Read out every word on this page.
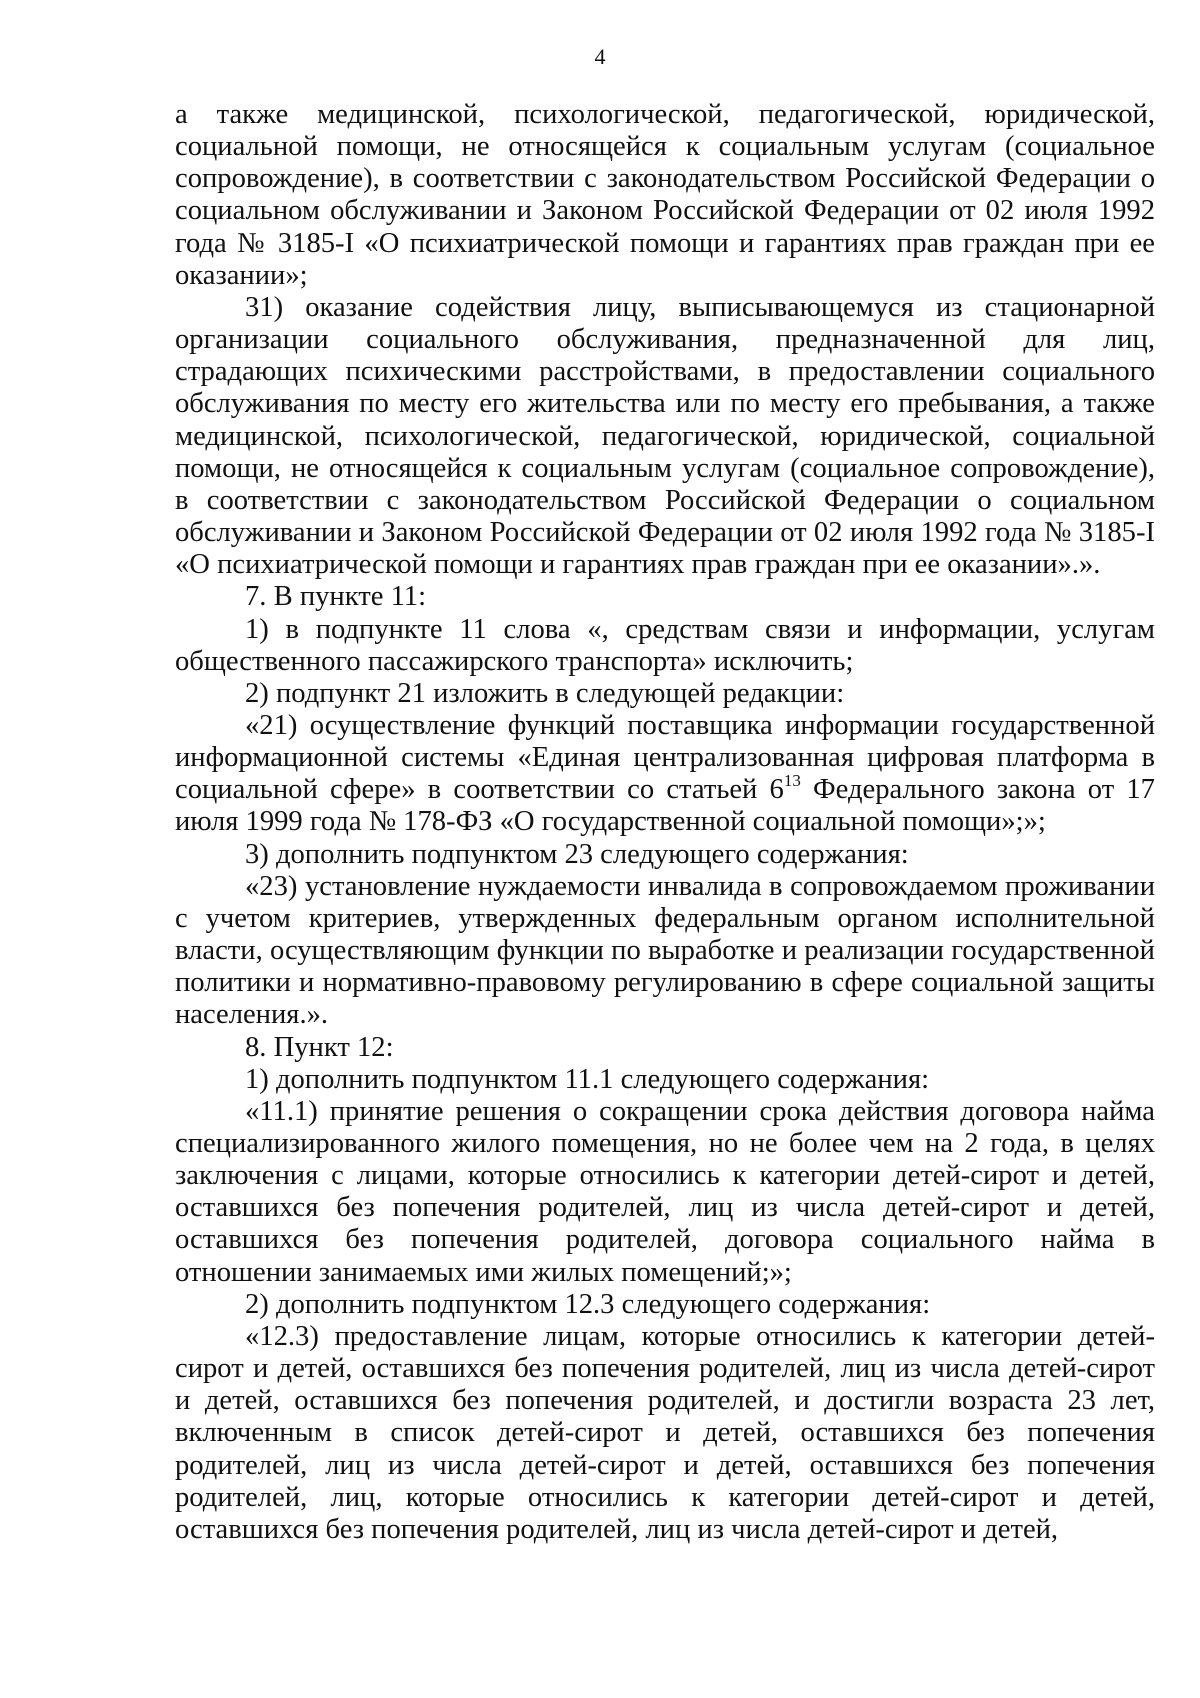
4

а также медицинской, психологической, педагогической, юридической, социальной помощи, не относящейся к социальным услугам (социальное сопровождение), в соответствии с законодательством Российской Федерации о социальном обслуживании и Законом Российской Федерации от 02 июля 1992 года № 3185-I «О психиатрической помощи и гарантиях прав граждан при ее оказании»;

31) оказание содействия лицу, выписывающемуся из стационарной организации социального обслуживания, предназначенной для лиц, страдающих психическими расстройствами, в предоставлении социального обслуживания по месту его жительства или по месту его пребывания, а также медицинской, психологической, педагогической, юридической, социальной помощи, не относящейся к социальным услугам (социальное сопровождение), в соответствии с законодательством Российской Федерации о социальном обслуживании и Законом Российской Федерации от 02 июля 1992 года № 3185-I «О психиатрической помощи и гарантиях прав граждан при ее оказании».».

7. В пункте 11:

1) в подпункте 11 слова «, средствам связи и информации, услугам общественного пассажирского транспорта» исключить;

2) подпункт 21 изложить в следующей редакции:

«21) осуществление функций поставщика информации государственной информационной системы «Единая централизованная цифровая платформа в социальной сфере» в соответствии со статьей $6^{13}$ Федерального закона от 17 июля 1999 года № 178-ФЗ «О государственной социальной помощи»;»;

3) дополнить подпунктом 23 следующего содержания:

«23) установление нуждаемости инвалида в сопровождаемом проживании с учетом критериев, утвержденных федеральным органом исполнительной власти, осуществляющим функции по выработке и реализации государственной политики и нормативно-правовому регулированию в сфере социальной защиты населения.».

8. Пункт 12:

1) дополнить подпунктом 11.1 следующего содержания:

«11.1) принятие решения о сокращении срока действия договора найма специализированного жилого помещения, но не более чем на 2 года, в целях заключения с лицами, которые относились к категории детей-сирот и детей, оставшихся без попечения родителей, лиц из числа детей-сирот и детей, оставшихся без попечения родителей, договора социального найма в отношении занимаемых ими жилых помещений;»;

2) дополнить подпунктом 12.3 следующего содержания:

«12.3) предоставление лицам, которые относились к категории детей-сирот и детей, оставшихся без попечения родителей, лиц из числа детей-сирот и детей, оставшихся без попечения родителей, и достигли возраста 23 лет, включенным в список детей-сирот и детей, оставшихся без попечения родителей, лиц из числа детей-сирот и детей, оставшихся без попечения родителей, лиц, которые относились к категории детей-сирот и детей, оставшихся без попечения родителей, лиц из числа детей-сирот и детей,
